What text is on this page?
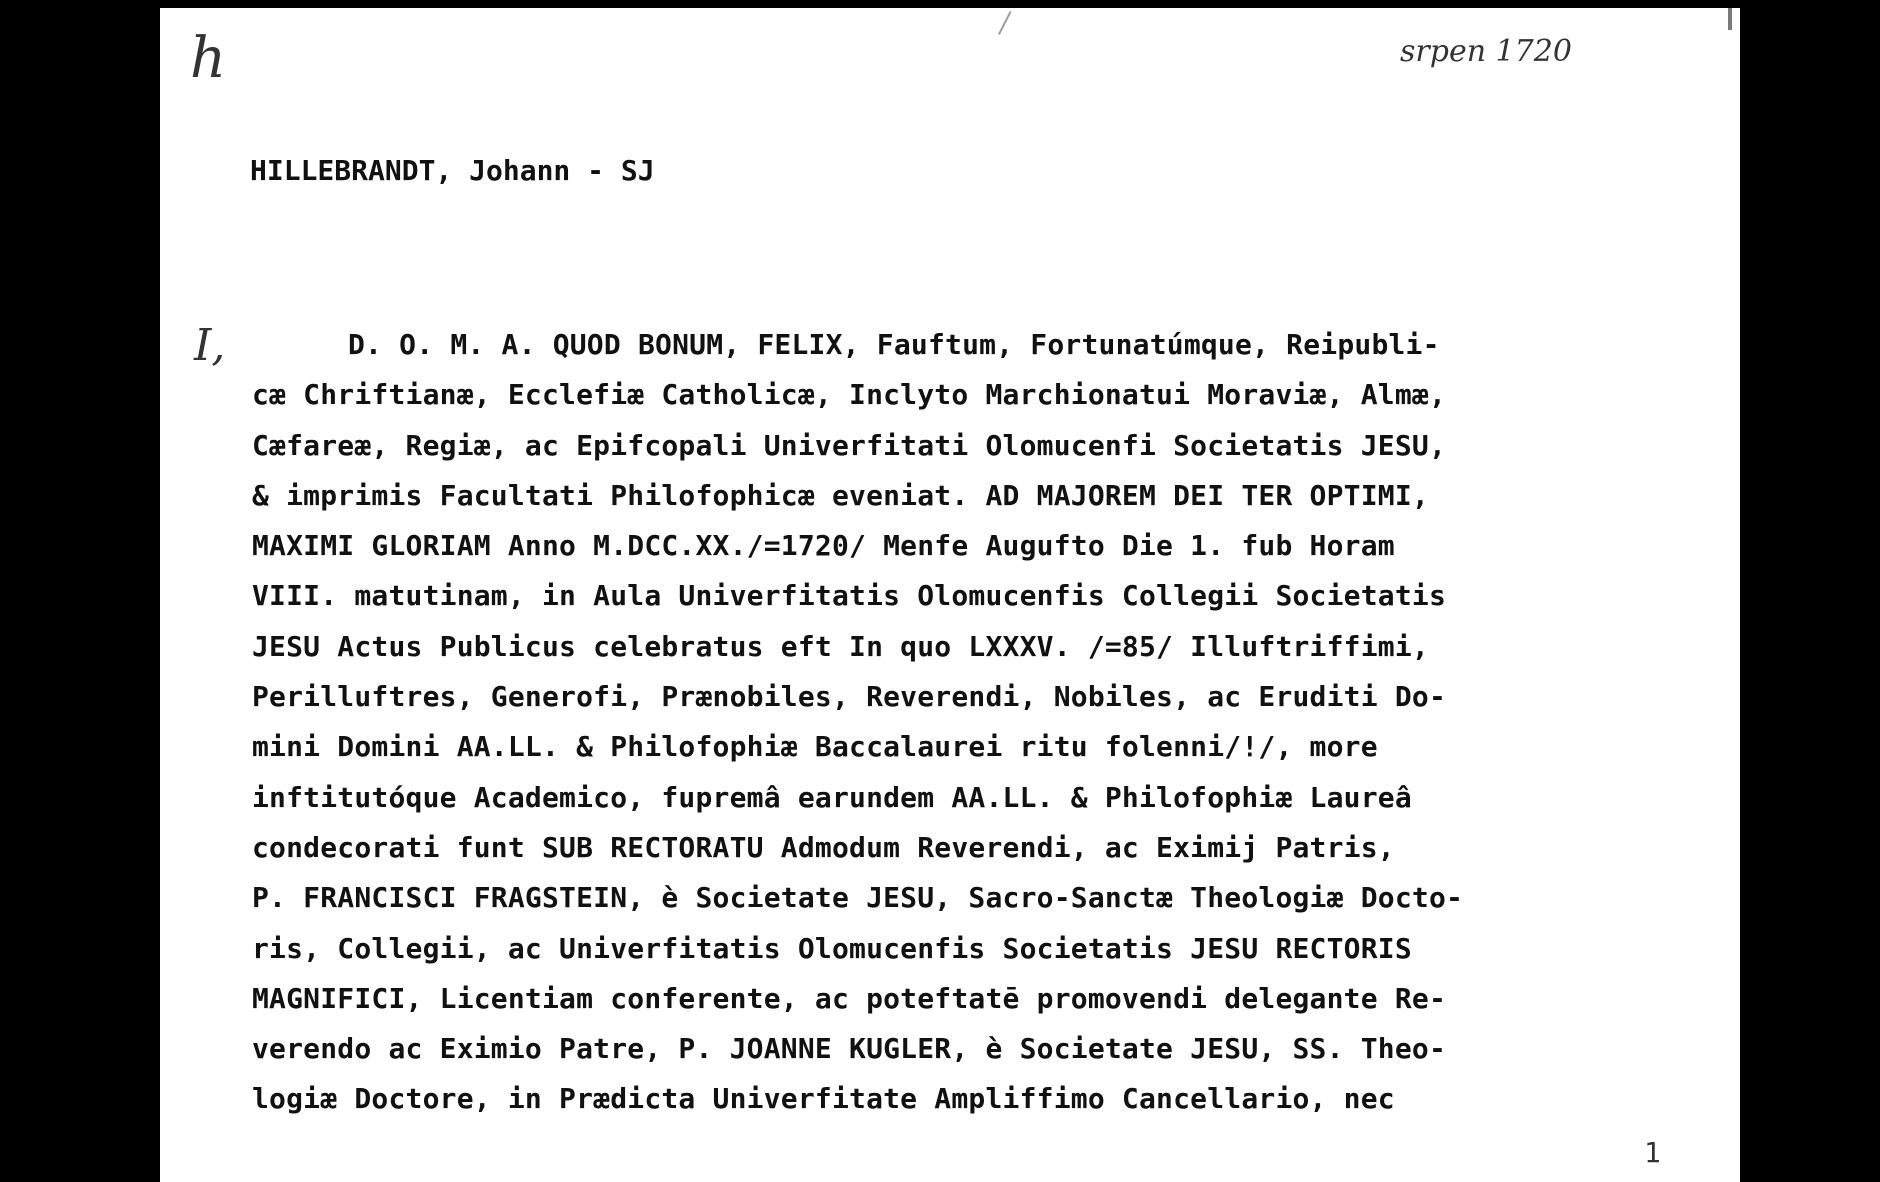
h
/
srpen 1720
HILLEBRANDT, Johann - SJ
I,	D. O. M. A. QUOD BONUM, FELIX, Fauftum, Fortunatúmque, Reipubli-
cæ Chriftianæ, Ecclefiæ Catholicæ, Inclyto Marchionatui Moraviæ, Almæ,
Cæfareæ, Regiæ, ac Epifcopali Univerfitati Olomucenfi Societatis JESU,
& imprimis Facultati Philofophicæ eveniat. AD MAJOREM DEI TER OPTIMI,
MAXIMI GLORIAM Anno M.DCC.XX./=1720/ Menfe Augufto Die 1. fub Horam
VIII. matutinam, in Aula Univerfitatis Olomucenfis Collegii Societatis
JESU Actus Publicus celebratus eft In quo LXXXV. /=85/ Illuftriffimi,
Perilluftres, Generofi, Prænobiles, Reverendi, Nobiles, ac Eruditi Do-
mini Domini AA.LL. & Philofophiæ Baccalaurei ritu folenni/!/, more
inftitutóque Academico, fupremâ earundem AA.LL. & Philofophiæ Laureâ
condecorati funt SUB RECTORATU Admodum Reverendi, ac Eximij Patris,
P. FRANCISCI FRAGSTEIN, è Societate JESU, Sacro-Sanctæ Theologiæ Docto-
ris, Collegii, ac Univerfitatis Olomucenfis Societatis JESU RECTORIS
MAGNIFICI, Licentiam conferente, ac poteftatē promovendi delegante Re-
verendo ac Eximio Patre, P. JOANNE KUGLER, è Societate JESU, SS. Theo-
logiæ Doctore, in Prædicta Univerfitate Ampliffimo Cancellario, nec
1
